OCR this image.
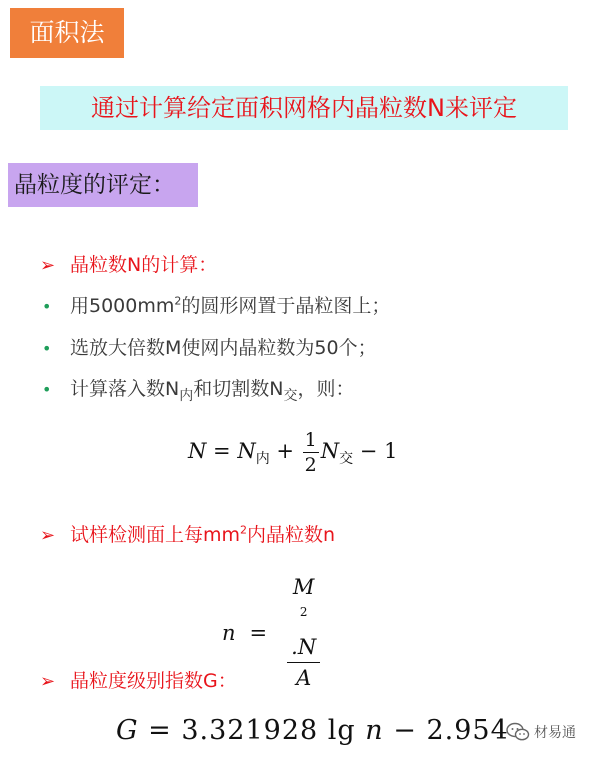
面积法
通过计算给定面积网格内晶粒数N来评定
晶粒度的评定：
➢ 晶粒数N的计算：
• 用$5000mm^2$的圆形网置于晶粒图上；
• 选放大倍数M使网内晶粒数为50个；
• 计算落入数$N_内$和切割数$N_交$，则：
$N = N_内 + \frac{1}{2} N_交 - 1$
➢ 试样检测面上每$mm^2$内晶粒数n
n = M
$^2$
.N
A
➢ 晶粒度级别指数G：
G = 3.321928 lg n − 2.954 材易通
